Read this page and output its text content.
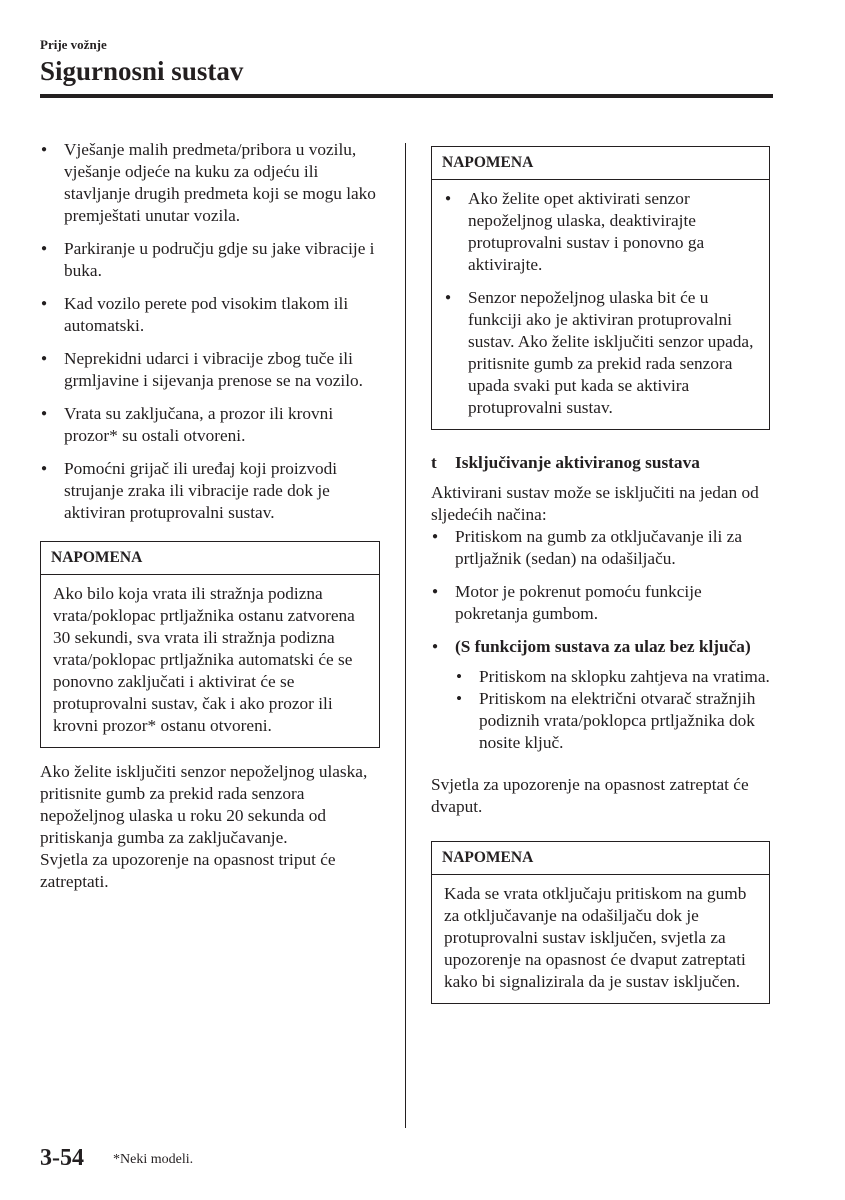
Prije vožnje
Sigurnosni sustav
● Vješanje malih predmeta/pribora u vozilu, vješanje odjeće na kuku za odjeću ili stavljanje drugih predmeta koji se mogu lako premještati unutar vozila.
● Parkiranje u području gdje su jake vibracije i buka.
● Kad vozilo perete pod visokim tlakom ili automatski.
● Neprekidni udarci i vibracije zbog tuče ili grmljavine i sijevanja prenose se na vozilo.
● Vrata su zaključana, a prozor ili krovni prozor* su ostali otvoreni.
● Pomoćni grijač ili uređaj koji proizvodi strujanje zraka ili vibracije rade dok je aktiviran protuprovalni sustav.
NAPOMENA
Ako bilo koja vrata ili stražnja podizna vrata/poklopac prtljažnika ostanu zatvorena 30 sekundi, sva vrata ili stražnja podizna vrata/poklopac prtljažnika automatski će se ponovno zaključati i aktivirat će se protuprovalni sustav, čak i ako prozor ili krovni prozor* ostanu otvoreni.

Ako želite isključiti senzor nepoželjnog ulaska, pritisnite gumb za prekid rada senzora nepoželjnog ulaska u roku 20 sekunda od pritiskanja gumba za zaključavanje.

Svjetla za upozorenje na opasnost triput će zatreptati.

NAPOMENA
● Ako želite opet aktivirati senzor nepoželjnog ulaska, deaktivirajte protuprovalni sustav i ponovno ga aktivirajte.
● Senzor nepoželjnog ulaska bit će u funkciji ako je aktiviran protuprovalni sustav. Ako želite isključiti senzor upada, pritisnite gumb za prekid rada senzora upada svaki put kada se aktivira protuprovalni sustav.
t Isključivanje aktiviranog sustava

Aktivirani sustav može se isključiti na jedan od sljedećih načina:

● Pritiskom na gumb za otključavanje ili za prtljažnik (sedan) na odašiljaču.
● Motor je pokrenut pomoću funkcije pokretanja gumbom.
● (S funkcijom sustava za ulaz bez ključa)
• Pritiskom na sklopku zahtjeva na vratima.
• Pritiskom na električni otvarač stražnjih podiznih vrata/poklopca prtljažnika dok nosite ključ.

Svjetla za upozorenje na opasnost zatreptat će dvaput.

NAPOMENA
Kada se vrata otključaju pritiskom na gumb za otključavanje na odašiljaču dok je protuprovalni sustav isključen, svjetla za upozorenje na opasnost će dvaput zatreptati kako bi signalizirala da je sustav isključen.
3-54 *Neki modeli.
